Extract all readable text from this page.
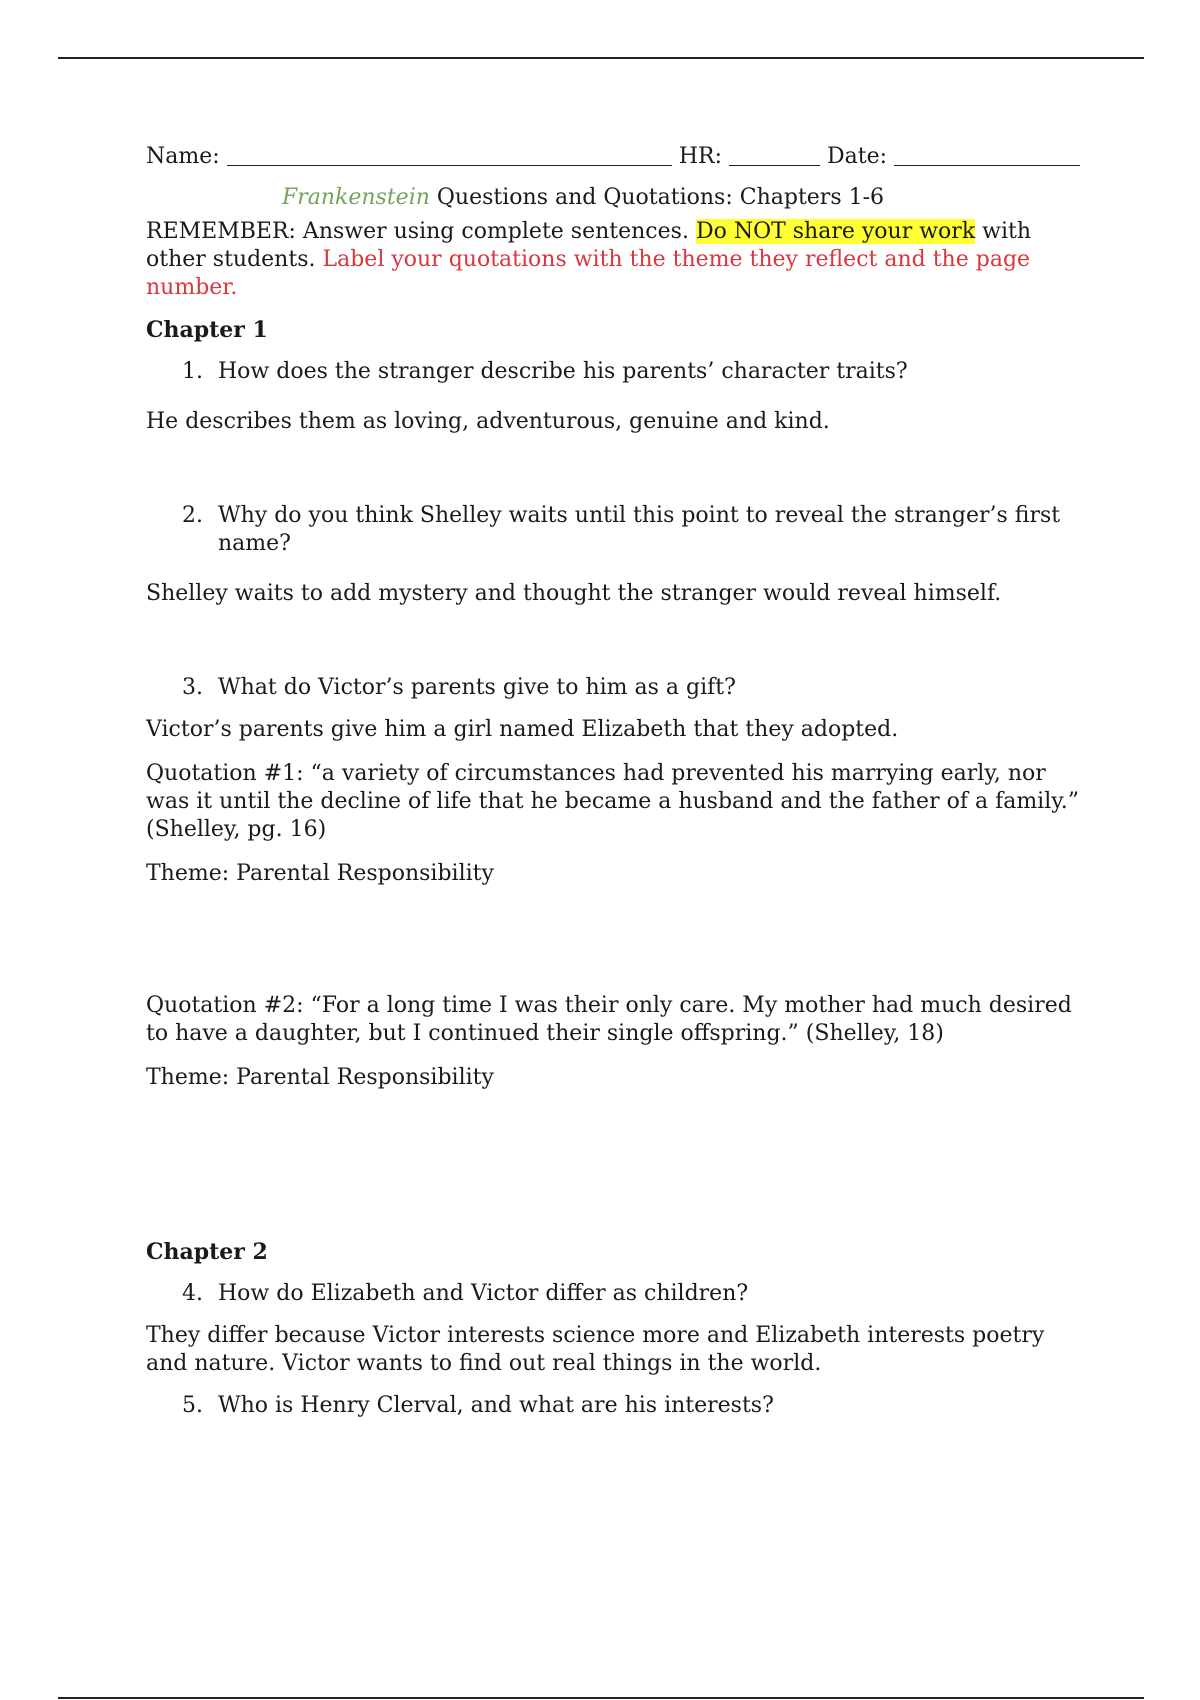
Name:	HR:	Date:
Frankenstein Questions and Quotations: Chapters 1-6

REMEMBER: Answer using complete sentences. Do NOT share your work with other students. Label your quotations with the theme they reflect and the page number.

Chapter 1
1. How does the stranger describe his parents’ character traits?

He describes them as loving, adventurous, genuine and kind.

2. Why do you think Shelley waits until this point to reveal the stranger’s first name?

Shelley waits to add mystery and thought the stranger would reveal himself.

3. What do Victor’s parents give to him as a gift?

Victor’s parents give him a girl named Elizabeth that they adopted.

Quotation #1: “a variety of circumstances had prevented his marrying early, nor was it until the decline of life that he became a husband and the father of a family.” (Shelley, pg. 16)

Theme: Parental Responsibility

Quotation #2: “For a long time I was their only care. My mother had much desired to have a daughter, but I continued their single offspring.” (Shelley, 18)

Theme: Parental Responsibility

Chapter 2
4. How do Elizabeth and Victor differ as children?

They differ because Victor interests science more and Elizabeth interests poetry and nature. Victor wants to find out real things in the world.

5. Who is Henry Clerval, and what are his interests?
